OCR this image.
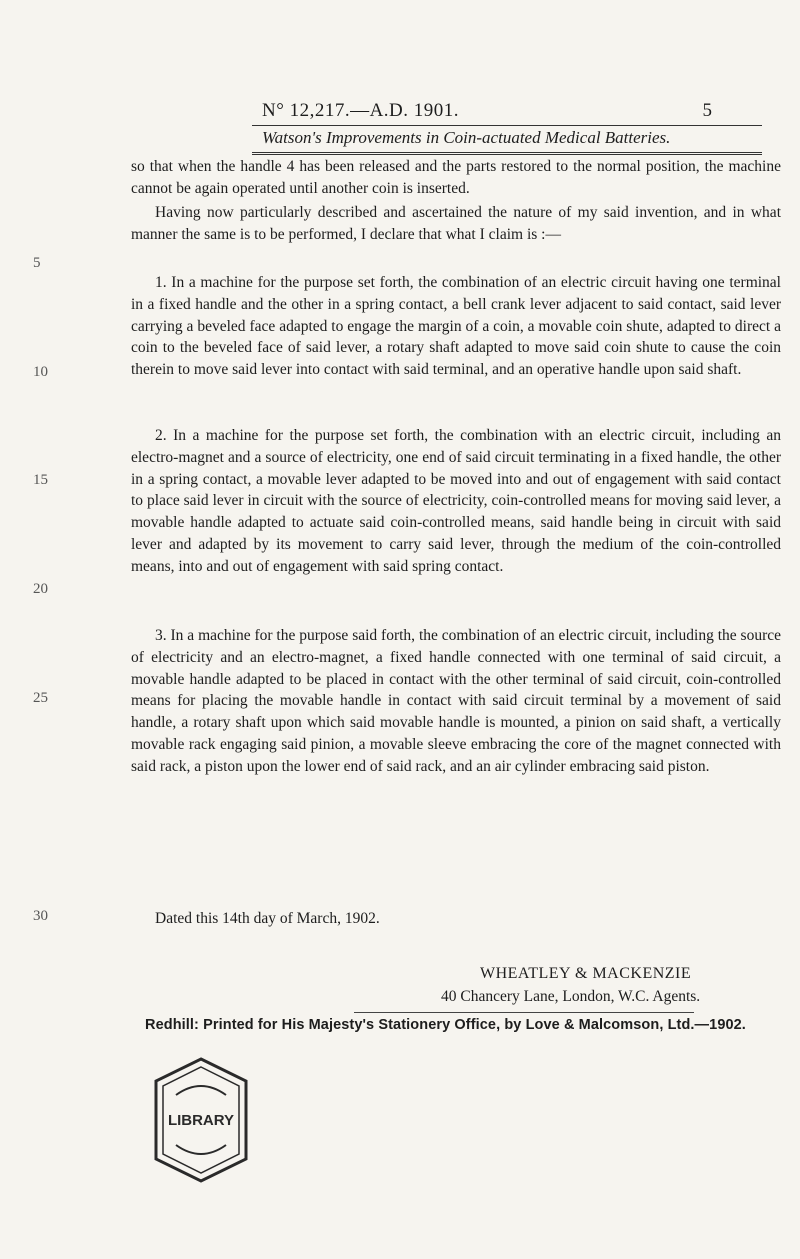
N° 12,217.—A.D. 1901.	5
Watson's Improvements in Coin-actuated Medical Batteries.

so that when the handle 4 has been released and the parts restored to the normal position, the machine cannot be again operated until another coin is inserted.

Having now particularly described and ascertained the nature of my said invention, and in what manner the same is to be performed, I declare that what I claim is :—

1. In a machine for the purpose set forth, the combination of an electric circuit having one terminal in a fixed handle and the other in a spring contact, a bell crank lever adjacent to said contact, said lever carrying a beveled face adapted to engage the margin of a coin, a movable coin shute, adapted to direct a coin to the beveled face of said lever, a rotary shaft adapted to move said coin shute to cause the coin therein to move said lever into contact with said terminal, and an operative handle upon said shaft.

2. In a machine for the purpose set forth, the combination with an electric circuit, including an electro-magnet and a source of electricity, one end of said circuit terminating in a fixed handle, the other in a spring contact, a movable lever adapted to be moved into and out of engagement with said contact to place said lever in circuit with the source of electricity, coin-controlled means for moving said lever, a movable handle adapted to actuate said coin-controlled means, said handle being in circuit with said lever and adapted by its movement to carry said lever, through the medium of the coin-controlled means, into and out of engagement with said spring contact.

3. In a machine for the purpose said forth, the combination of an electric circuit, including the source of electricity and an electro-magnet, a fixed handle connected with one terminal of said circuit, a movable handle adapted to be placed in contact with the other terminal of said circuit, coin-controlled means for placing the movable handle in contact with said circuit terminal by a movement of said handle, a rotary shaft upon which said movable handle is mounted, a pinion on said shaft, a vertically movable rack engaging said pinion, a movable sleeve embracing the core of the magnet connected with said rack, a piston upon the lower end of said rack, and an air cylinder embracing said piston.

Dated this 14th day of March, 1902.

5
10
15
20
25
30
WHEATLEY & MACKENZIE
40 Chancery Lane, London, W.C. Agents.
Redhill: Printed for His Majesty's Stationery Office, by Love & Malcomson, Ltd.—1902.
LIBRARY
